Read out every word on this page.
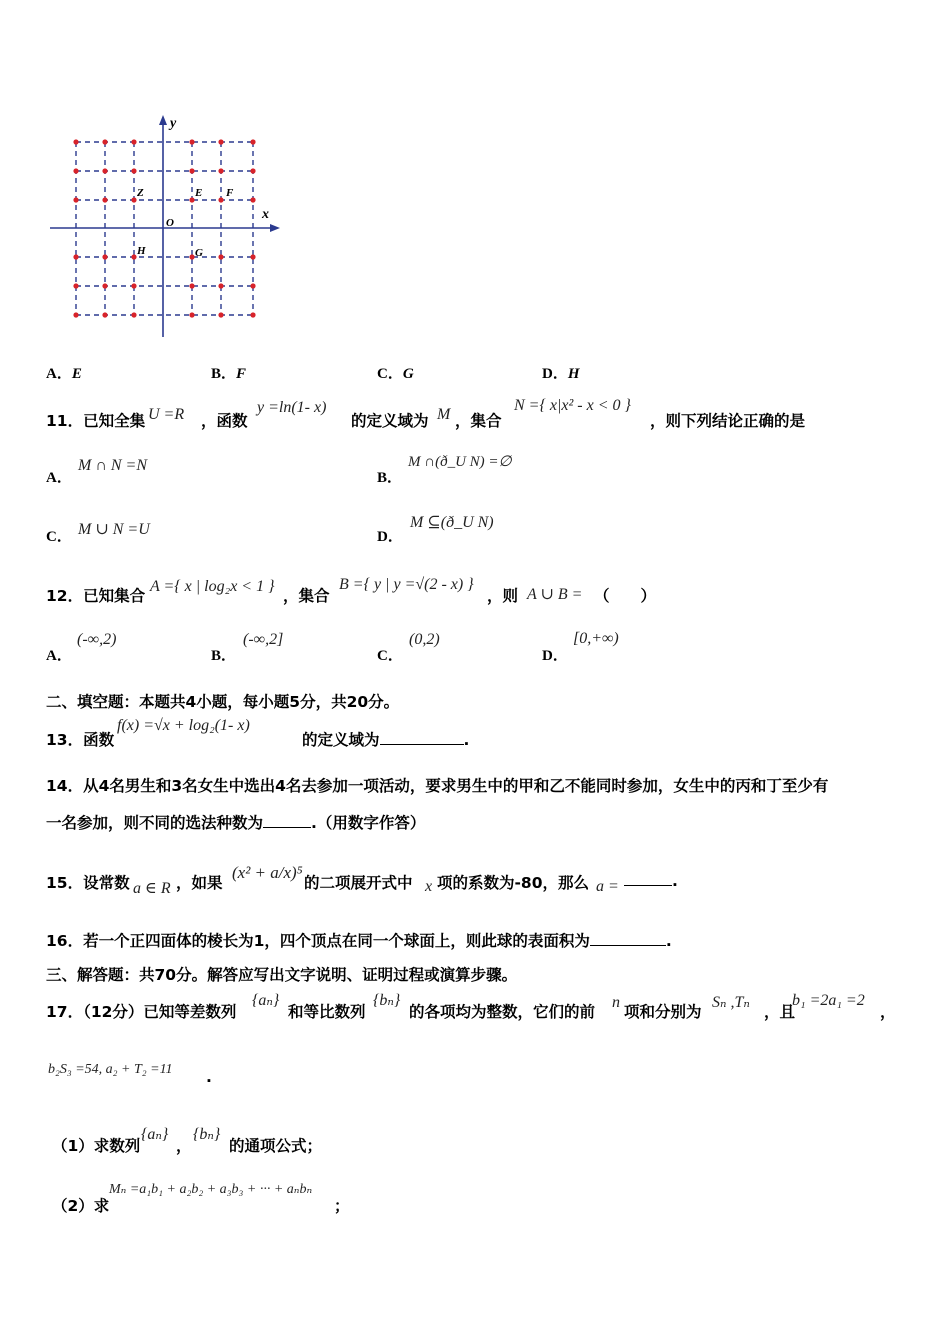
y
x
O
Z	E F
H	G
A．E	B．F	C．G	D．H
11．已知全集 U =R ，函数
y =ln(1- x)
的定义域为 M ，集合
N ={ x|x² - x < 0 }
，则下列结论正确的是
A．
M ∩ N =N
B．
M ∩(ð_U N) =∅
C． M ∪ N =U	D．
M ⊆(ð_U N)
12．已知集合
A ={ x | log₂x < 1 }
，集合
B ={ y | y =√(2 - x) }
，则 A ∪ B = （　　）
A．
(-∞,2)
B．
(-∞,2]
C．
(0,2)
D．
[0,+∞)
二、填空题：本题共4小题，每小题5分，共20分。
13．函数
f(x) =√x + log₂(1- x)
的定义域为	.
14．从4名男生和3名女生中选出4名去参加一项活动，要求男生中的甲和乙不能同时参加，女生中的丙和丁至少有
一名参加，则不同的选法种数为	.（用数字作答）
15．设常数 a ∈ R ，如果
(x² + a/x)⁵
的二项展开式中 x 项的系数为-80，那么 a =	.
16．若一个正四面体的棱长为1，四个顶点在同一个球面上，则此球的表面积为	.
三、解答题：共70分。解答应写出文字说明、证明过程或演算步骤。
17．（12分）已知等差数列
{aₙ}
和等比数列
{bₙ}
的各项均为整数，它们的前
n
项和分别为
Sₙ ,Tₙ
，且
b₁ =2a₁ =2
，
b₂S₃ =54, a₂ + T₂ =11 .
（1）求数列
{aₙ}
，
{bₙ}
的通项公式；
（2）求
Mₙ =a₁b₁ + a₂b₂ + a₃b₃ + ··· + aₙbₙ
；
